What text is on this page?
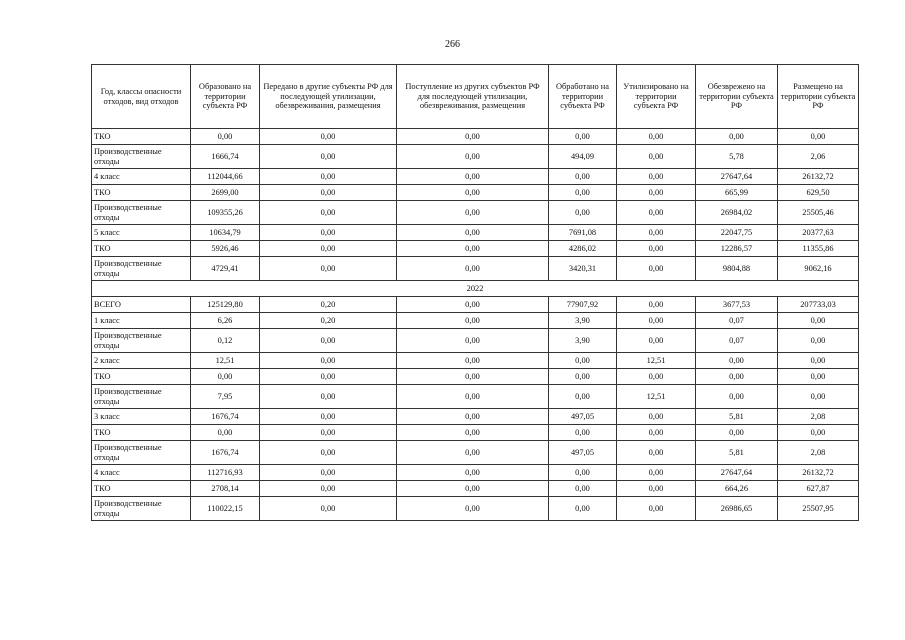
266
Год, классы опасности отходов, вид отходов	Образовано на территории субъекта РФ	Передано в другие субъекты РФ для последующей утилизации, обезвреживания, размещения	Поступление из других субъектов РФ для последующей утилизации, обезвреживания, размещения	Обработано на территории субъекта РФ	Утилизировано на территории субъекта РФ	Обезврежено на территории субъекта РФ	Размещено на территории субъекта РФ
ТКО	0,00	0,00	0,00	0,00	0,00	0,00	0,00
Производственные отходы	1666,74	0,00	0,00	494,09	0,00	5,78	2,06
4 класс	112044,66	0,00	0,00	0,00	0,00	27647,64	26132,72
ТКО	2699,00	0,00	0,00	0,00	0,00	665,99	629,50
Производственные отходы	109355,26	0,00	0,00	0,00	0,00	26984,02	25505,46
5 класс	10634,79	0,00	0,00	7691,08	0,00	22047,75	20377,63
ТКО	5926,46	0,00	0,00	4286,02	0,00	12286,57	11355,86
Производственные отходы	4729,41	0,00	0,00	3420,31	0,00	9804,88	9062,16
2022							
ВСЕГО	125129,80	0,20	0,00	77907,92	0,00	3677,53	207733,03
1 класс	6,26	0,20	0,00	3,90	0,00	0,07	0,00
Производственные отходы	0,12	0,00	0,00	3,90	0,00	0,07	0,00
2 класс	12,51	0,00	0,00	0,00	12,51	0,00	0,00
ТКО	0,00	0,00	0,00	0,00	0,00	0,00	0,00
Производственные отходы	7,95	0,00	0,00	0,00	12,51	0,00	0,00
3 класс	1676,74	0,00	0,00	497,05	0,00	5,81	2,08
ТКО	0,00	0,00	0,00	0,00	0,00	0,00	0,00
Производственные отходы	1676,74	0,00	0,00	497,05	0,00	5,81	2,08
4 класс	112716,93	0,00	0,00	0,00	0,00	27647,64	26132,72
ТКО	2708,14	0,00	0,00	0,00	0,00	664,26	627,87
Производственные отходы	110022,15	0,00	0,00	0,00	0,00	26986,65	25507,95
